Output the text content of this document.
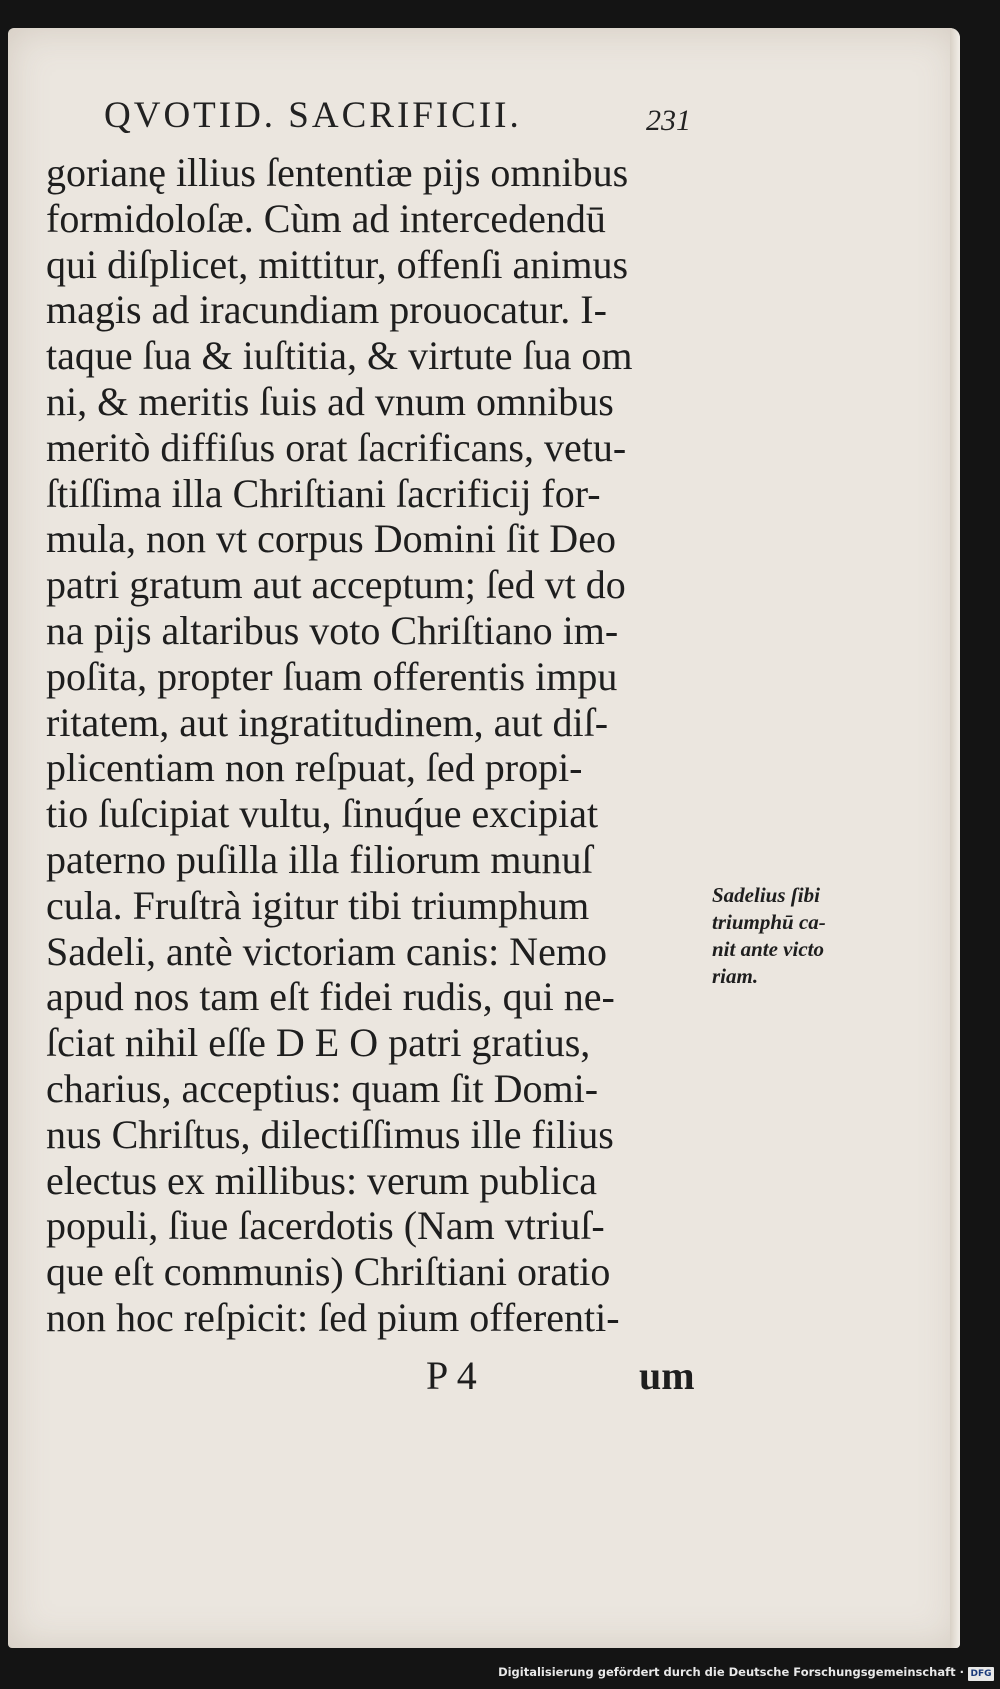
QVOTID. SACRIFICII.	231
gorianę illius ſententiæ pijs omnibus
formidoloſæ. Cùm ad intercedendū
qui diſplicet, mittitur, offenſi animus
magis ad iracundiam prouocatur. I-
taque ſua & iuſtitia, & virtute ſua om
ni, & meritis ſuis ad vnum omnibus
meritò diffiſus orat ſacrificans, vetu-
ſtiſſima illa Chriſtiani ſacrificij for-
mula, non vt corpus Domini ſit Deo
patri gratum aut acceptum; ſed vt do
na pijs altaribus voto Chriſtiano im-
poſita, propter ſuam offerentis impu
ritatem, aut ingratitudinem, aut diſ-
plicentiam non reſpuat, ſed propi-
tio ſuſcipiat vultu, ſinuq́ue excipiat
paterno puſilla illa filiorum munuſ
cula. Fruſtrà igitur tibi triumphum
Sadeli, antè victoriam canis: Nemo
apud nos tam eſt fidei rudis, qui ne-
ſciat nihil eſſe D E O patri gratius,
charius, acceptius: quam ſit Domi-
nus Chriſtus, dilectiſſimus ille filius
electus ex millibus: verum publica
populi, ſiue ſacerdotis (Nam vtriuſ-
que eſt communis) Chriſtiani oratio
non hoc reſpicit: ſed pium offerenti-
Sadelius ſibi
triumphū ca-
nit ante victo
riam.
P 4	um
Digitalisierung gefördert durch die Deutsche Forschungsgemeinschaft · DFG
